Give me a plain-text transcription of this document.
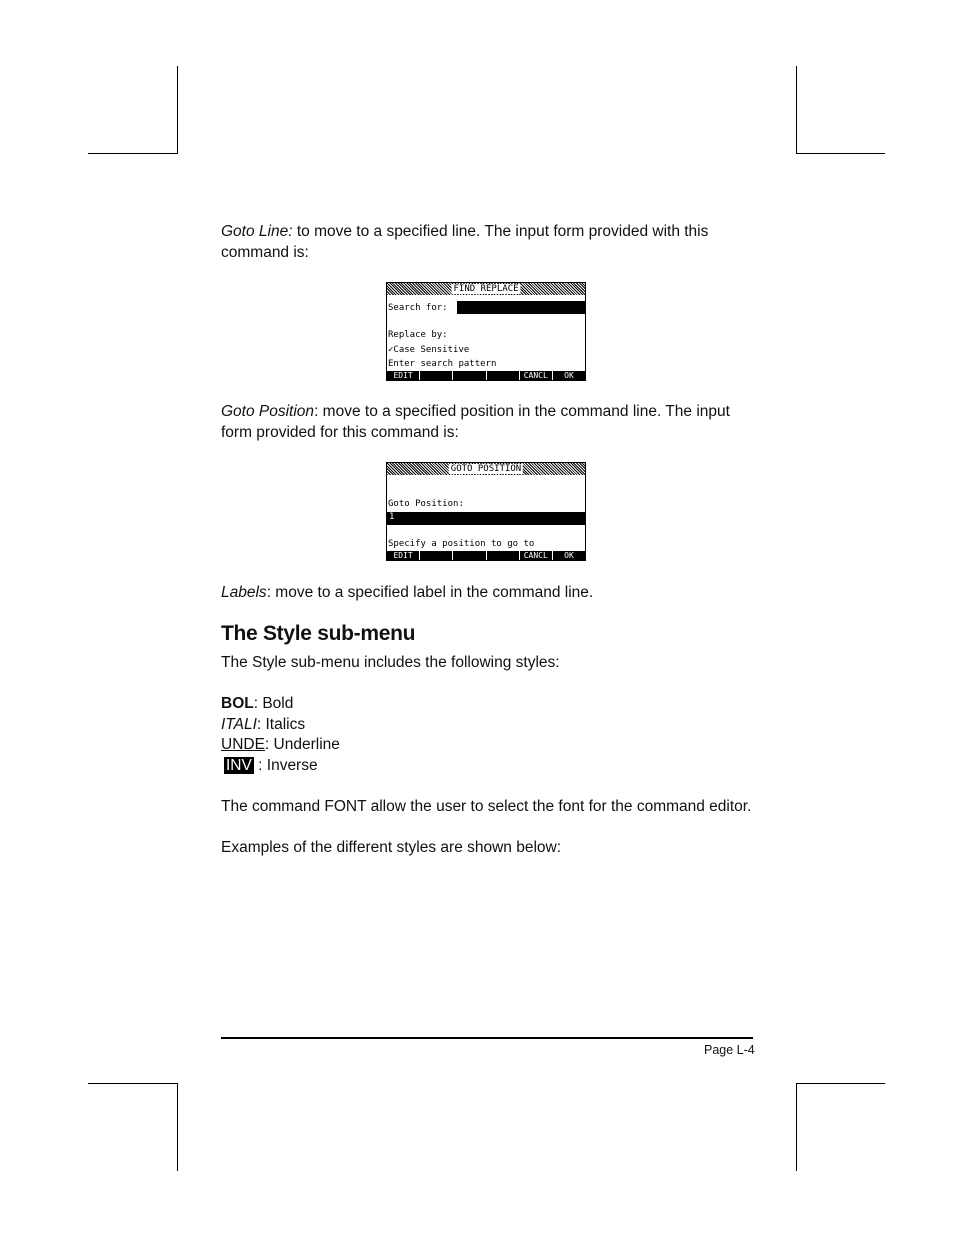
Goto Line: to move to a specified line. The input form provided with this command is:
FIND REPLACE
Search for:
Replace by:
✓Case Sensitive
Enter search pattern
EDIT	CANCL	OK
Goto Position: move to a specified position in the command line. The input form provided for this command is:
GOTO POSITION
Goto Position:
1
Specify a position to go to
EDIT	CANCL	OK
Labels: move to a specified label in the command line.
The Style sub-menu
The Style sub-menu includes the following styles:
BOL: Bold
ITALI: Italics
UNDE: Underline
INV : Inverse
The command FONT allow the user to select the font for the command editor.
Examples of the different styles are shown below:
Page L-4
